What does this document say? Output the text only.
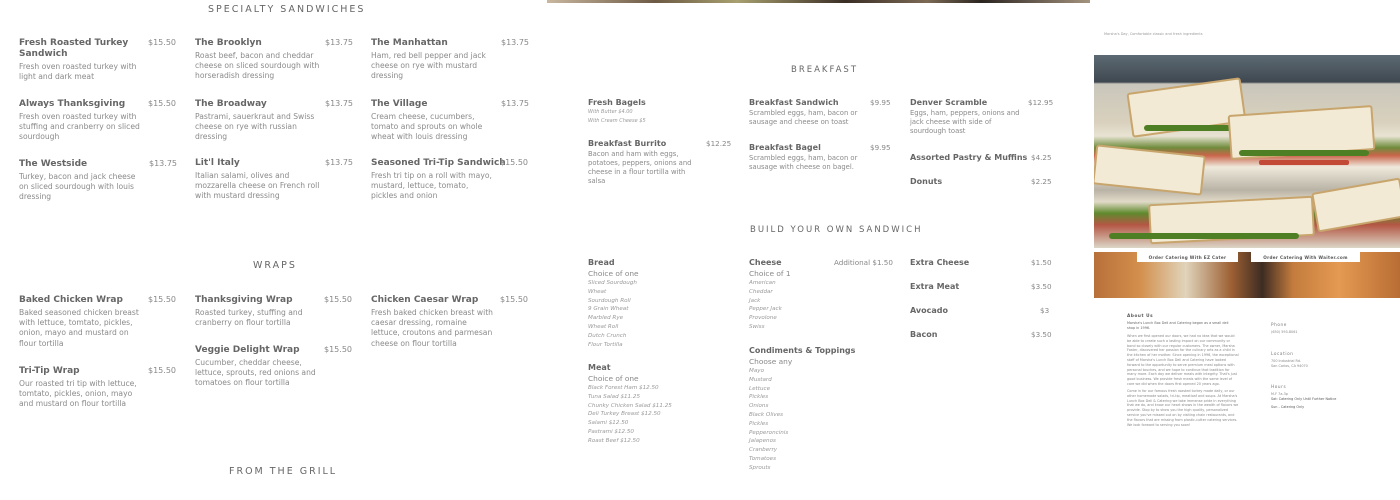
SPECIALTY SANDWICHES
Fresh Roasted Turkey Sandwich
$15.50
Fresh oven roasted turkey with light and dark meat
Always Thanksgiving	$15.50
Fresh oven roasted turkey with stuffing and cranberry on sliced sourdough
The Westside	$13.75
Turkey, bacon and jack cheese on sliced sourdough with louis dressing
The Brooklyn	$13.75
Roast beef, bacon and cheddar cheese on sliced sourdough with horseradish dressing
The Broadway	$13.75
Pastrami, sauerkraut and Swiss cheese on rye with russian dressing
Lit'l Italy	$13.75
Italian salami, olives and mozzarella cheese on French roll with mustard dressing
The Manhattan	$13.75
Ham, red bell pepper and jack cheese on rye with mustard dressing
The Village	$13.75
Cream cheese, cucumbers, tomato and sprouts on whole wheat with louis dressing
Seasoned Tri-Tip Sandwich
$15.50
Fresh tri tip on a roll with mayo, mustard, lettuce, tomato, pickles and onion
WRAPS
Baked Chicken Wrap	$15.50
Baked seasoned chicken breast with lettuce, tomtato, pickles, onion, mayo and mustard on flour tortilla
Tri-Tip Wrap	$15.50
Our roasted tri tip with lettuce, tomtato, pickles, onion, mayo and mustard on flour tortilla
Thanksgiving Wrap	$15.50
Roasted turkey, stuffing and cranberry on flour tortilla
Veggie Delight Wrap	$15.50
Cucumber, cheddar cheese, lettuce, sprouts, red onions and tomatoes on flour tortilla
Chicken Caesar Wrap	$15.50
Fresh baked chicken breast with caesar dressing, romaine lettuce, croutons and parmesan cheese on flour tortilla
FROM THE GRILL
BREAKFAST
Fresh Bagels
With Butter $4.00
With Cream Cheese $5
Breakfast Burrito	$12.25
Bacon and ham with eggs, potatoes, peppers, onions and cheese in a flour tortilla with salsa
Breakfast Sandwich	$9.95
Scrambled eggs, ham, bacon or sausage and cheese on toast
Breakfast Bagel	$9.95
Scrambled eggs, ham, bacon or sausage with cheese on bagel.
Denver Scramble	$12.95
Eggs, ham, peppers, onions and jack cheese with side of sourdough toast
Assorted Pastry & Muffins $4.25
Donuts	$2.25
BUILD YOUR OWN SANDWICH
Bread
Choice of one
Sliced Sourdough
Wheat
Sourdough Roll
9 Grain Wheat
Marbled Rye
Wheat Roll
Dutch Crunch
Flour Tortilla
Meat
Choice of one
Black Forest Ham $12.50
Tuna Salad $11.25
Chunky Chicken Salad $11.25
Deli Turkey Breast $12.50
Salami $12.50
Pastrami $12.50
Roast Beef $12.50
Cheese	Additional $1.50
Choice of 1
American
Cheddar
Jack
Pepper Jack
Provolone
Swiss
Condiments & Toppings
Choose any
Mayo
Mustard
Lettuce
Pickles
Onions
Black Olives
Pickles
Pepperoncinis
Jalapenos
Cranberry
Tomatoes
Sprouts
Extra Cheese	$1.50
Extra Meat	$3.50
Avocado	$3
Bacon	$3.50
Marsha's Day, Comfortable classic and fresh ingredients
Order Catering With EZ Cater	Order Catering With Waiter.com
About Us
Marsha's Lunch Box Deli and Catering began as a small deli shop in 1996.
When we first opened our doors, we had no idea that we would be able to create such a lasting impact on our community or bond so closely with our regular customers. The owner, Marsha Foster, discovered her passion for the culinary arts as a child in the kitchen of her mother. Since opening in 1996, the exceptional staff of Marsha's Lunch Box Deli and Catering have looked forward to the opportunity to serve premium meal options with personal touches, and we hope to continue that tradition for many more. Each day we deliver meals with integrity. That's just good business. We provide fresh meals with the same level of care we did when the doors first opened 20 years ago.
Come in for our famous fresh roasted turkey made daily, or our other homemade salads, tri-tip, meatloaf and soups. At Marsha's Lunch Box Deli & Catering we take immense pride in everything that we do, and know our heart shows in the wealth of flavors we provide. Stop by to show you the high quality, personalized service you've missed out on by visiting chain restaurants, and the flavors that are missing from plastic-cutter catering services. We look forward to serving you soon!
Phone
(650) 593-8061
Location
700 Industrial Rd.
San Carlos, CA 94070
Hours
M-F 7a-3p
Sat: Catering Only Until Further Notice
Sun - Catering Only
